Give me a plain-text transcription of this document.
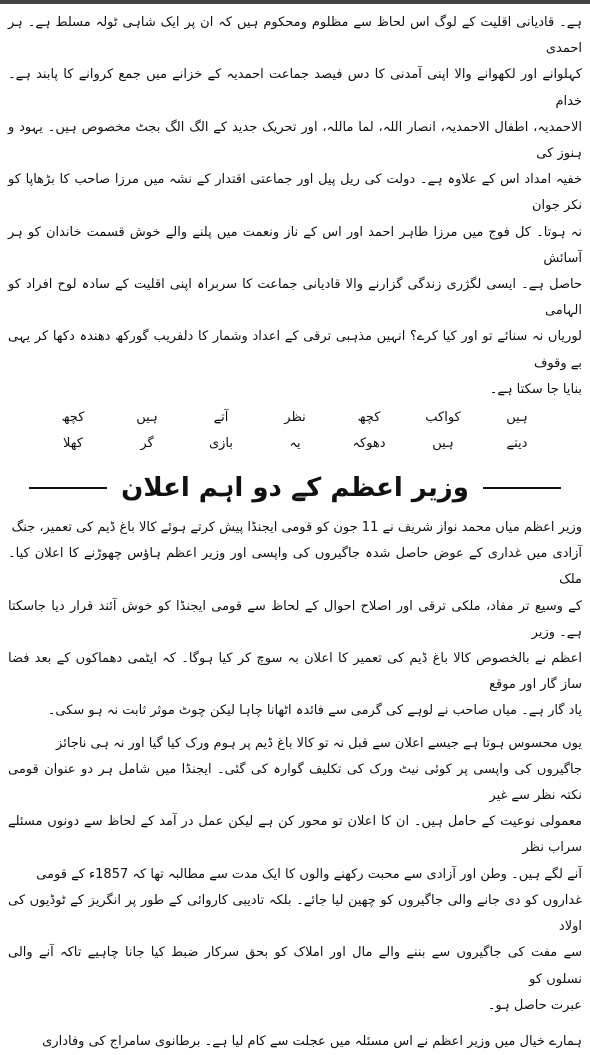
ہے۔ قادیانی اقلیت کے لوگ اس لحاظ سے مظلوم ومحکوم ہیں کہ ان پر ایک شاہی ٹولہ مسلط ہے۔ ہر احمدی

کہلوانے اور لکھوانے والا اپنی آمدنی کا دس فیصد جماعت احمدیہ کے خزانے میں جمع کروانے کا پابند ہے۔ خدام

الاحمدیہ، اطفال الاحمدیہ، انصار اللہ، لما ماللہ، اور تحریک جدید کے الگ الگ بجٹ مخصوص ہیں۔ یہود و ہنوز کی

خفیہ امداد اس کے علاوہ ہے۔ دولت کی ریل پیل اور جماعتی اقتدار کے نشہ میں مرزا صاحب کا بڑھاپا کو نکر جوان

نہ ہوتا۔ کل فوج میں مرزا طاہر احمد اور اس کے ناز ونعمت میں پلنے والے خوش قسمت خاندان کو ہر آسائش

حاصل ہے۔ ایسی لگژری زندگی گزارنے والا قادیانی جماعت کا سربراہ اپنی اقلیت کے سادہ لوح افراد کو الہامی

لوریاں نہ سنائے تو اور کیا کرے؟ انہیں مذہبی ترقی کے اعداد وشمار کا دلفریب گورکھ دھندہ دکھا کر یہی بے وقوف

بنایا جا سکتا ہے۔

ہیں
کواکب
کچھ
نظر
آتے
ہیں
کچھ
دیتے
ہیں
دھوکہ
یہ
بازی
گر
کھلا
وزیر اعظم کے دو اہم اعلان

وزیر اعظم میاں محمد نواز شریف نے 11 جون کو قومی ایجنڈا پیش کرتے ہوئے کالا باغ ڈیم کی تعمیر، جنگ

آزادی میں غداری کے عوض حاصل شدہ جاگیروں کی واپسی اور وزیر اعظم ہاؤس چھوڑنے کا اعلان کیا۔ ملک

کے وسیع تر مفاد، ملکی ترقی اور اصلاح احوال کے لحاظ سے قومی ایجنڈا کو خوش آئند قرار دیا جاسکتا ہے۔ وزیر

اعظم نے بالخصوص کالا باغ ڈیم کی تعمیر کا اعلان بہ سوچ کر کیا ہوگا۔ کہ ایٹمی دھماکوں کے بعد فضا ساز گار اور موقع

یاد گار ہے۔ میاں صاحب نے لوہے کی گرمی سے فائدہ اٹھانا چاہا لیکن چوٹ موثر ثابت نہ ہو سکی۔

یوں محسوس ہوتا ہے جیسے اعلان سے قبل نہ تو کالا باغ ڈیم پر ہوم ورک کیا گیا اور نہ ہی ناجائز

جاگیروں کی واپسی پر کوئی نیٹ ورک کی تکلیف گوارہ کی گئی۔ ایجنڈا میں شامل ہر دو عنوان قومی نکتہ نظر سے غیر

معمولی نوعیت کے حامل ہیں۔ ان کا اعلان تو محور کن ہے لیکن عمل در آمد کے لحاظ سے دونوں مسئلے سراب نظر

آنے لگے ہیں۔ وطن اور آزادی سے محبت رکھنے والوں کا ایک مدت سے مطالبہ تھا کہ 1857ء کے قومی

غداروں کو دی جانے والی جاگیروں کو چھین لیا جائے۔ بلکہ تادیبی کاروائی کے طور پر انگریز کے ٹوڈیوں کی اولاد

سے مفت کی جاگیروں سے بننے والے مال اور املاک کو بحق سرکار ضبط کیا جانا چاہیے تاکہ آنے والی نسلوں کو

عبرت حاصل ہو۔

ہمارے خیال میں وزیر اعظم نے اس مسئلہ میں عجلت سے کام لیا ہے۔ برطانوی سامراج کی وفاداری
